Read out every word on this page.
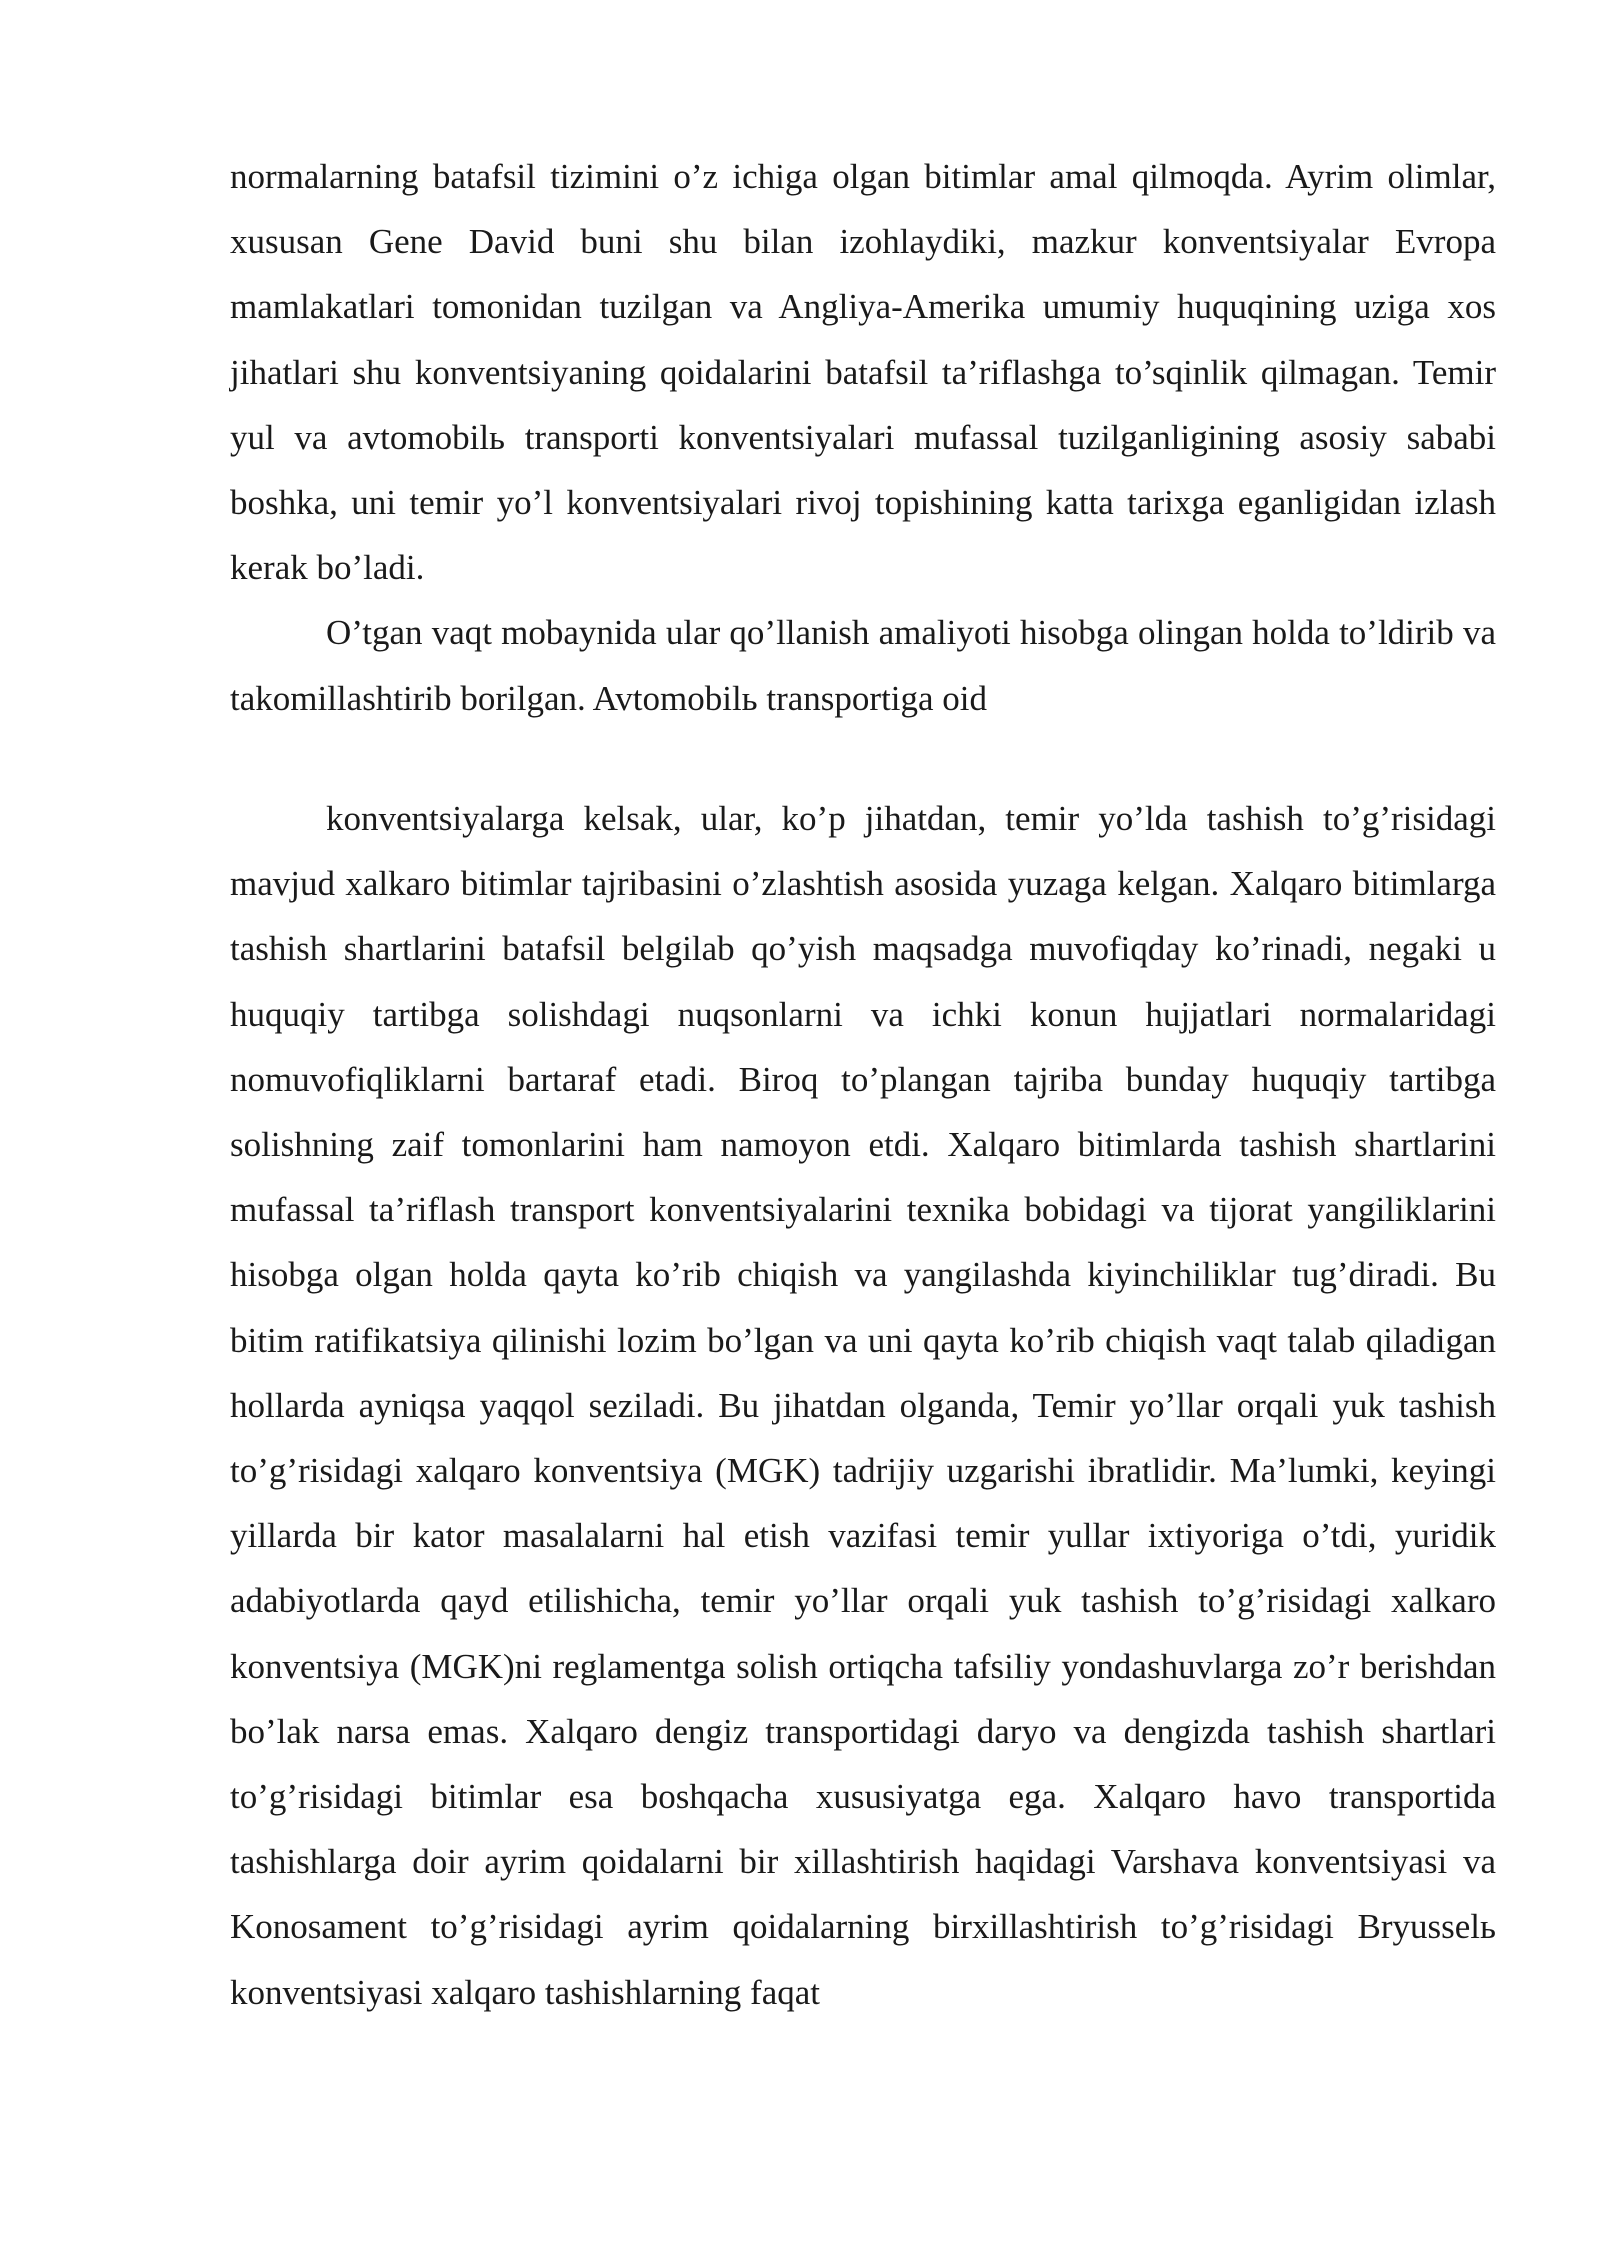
normalarning batafsil tizimini o’z ichiga olgan bitimlar amal qilmoqda. Ayrim olimlar, xususan Gene David buni shu bilan izohlaydiki, mazkur konventsiyalar Evropa mamlakatlari tomonidan tuzilgan va Angliya-Amerika umumiy huquqining uziga xos jihatlari shu konventsiyaning qoidalarini batafsil ta’riflashga to’sqinlik qilmagan. Temir yul va avtomobilь transporti konventsiyalari mufassal tuzilganligining asosiy sababi boshka, uni temir yo’l konventsiyalari rivoj topishining katta tarixga eganligidan izlash kerak bo’ladi.

O’tgan vaqt mobaynida ular qo’llanish amaliyoti hisobga olingan holda to’ldirib va takomillashtirib borilgan. Avtomobilь transportiga oid

konventsiyalarga kelsak, ular, ko’p jihatdan, temir yo’lda tashish to’g’risidagi mavjud xalkaro bitimlar tajribasini o’zlashtish asosida yuzaga kelgan. Xalqaro bitimlarga tashish shartlarini batafsil belgilab qo’yish maqsadga muvofiqday ko’rinadi, negaki u huquqiy tartibga solishdagi nuqsonlarni va ichki konun hujjatlari normalaridagi nomuvofiqliklarni bartaraf etadi. Biroq to’plangan tajriba bunday huquqiy tartibga solishning zaif tomonlarini ham namoyon etdi. Xalqaro bitimlarda tashish shartlarini mufassal ta’riflash transport konventsiyalarini texnika bobidagi va tijorat yangiliklarini hisobga olgan holda qayta ko’rib chiqish va yangilashda kiyinchiliklar tug’diradi. Bu bitim ratifikatsiya qilinishi lozim bo’lgan va uni qayta ko’rib chiqish vaqt talab qiladigan hollarda ayniqsa yaqqol seziladi. Bu jihatdan olganda, Temir yo’llar orqali yuk tashish to’g’risidagi xalqaro konventsiya (MGK) tadrijiy uzgarishi ibratlidir. Ma’lumki, keyingi yillarda bir kator masalalarni hal etish vazifasi temir yullar ixtiyoriga o’tdi, yuridik adabiyotlarda qayd etilishicha, temir yo’llar orqali yuk tashish to’g’risidagi xalkaro konventsiya (MGK)ni reglamentga solish ortiqcha tafsiliy yondashuvlarga zo’r berishdan bo’lak narsa emas. Xalqaro dengiz transportidagi daryo va dengizda tashish shartlari to’g’risidagi bitimlar esa boshqacha xususiyatga ega. Xalqaro havo transportida tashishlarga doir ayrim qoidalarni bir xillashtirish haqidagi Varshava konventsiyasi va Konosament to’g’risidagi ayrim qoidalarning birxillashtirish to’g’risidagi Bryusselь konventsiyasi xalqaro tashishlarning faqat
